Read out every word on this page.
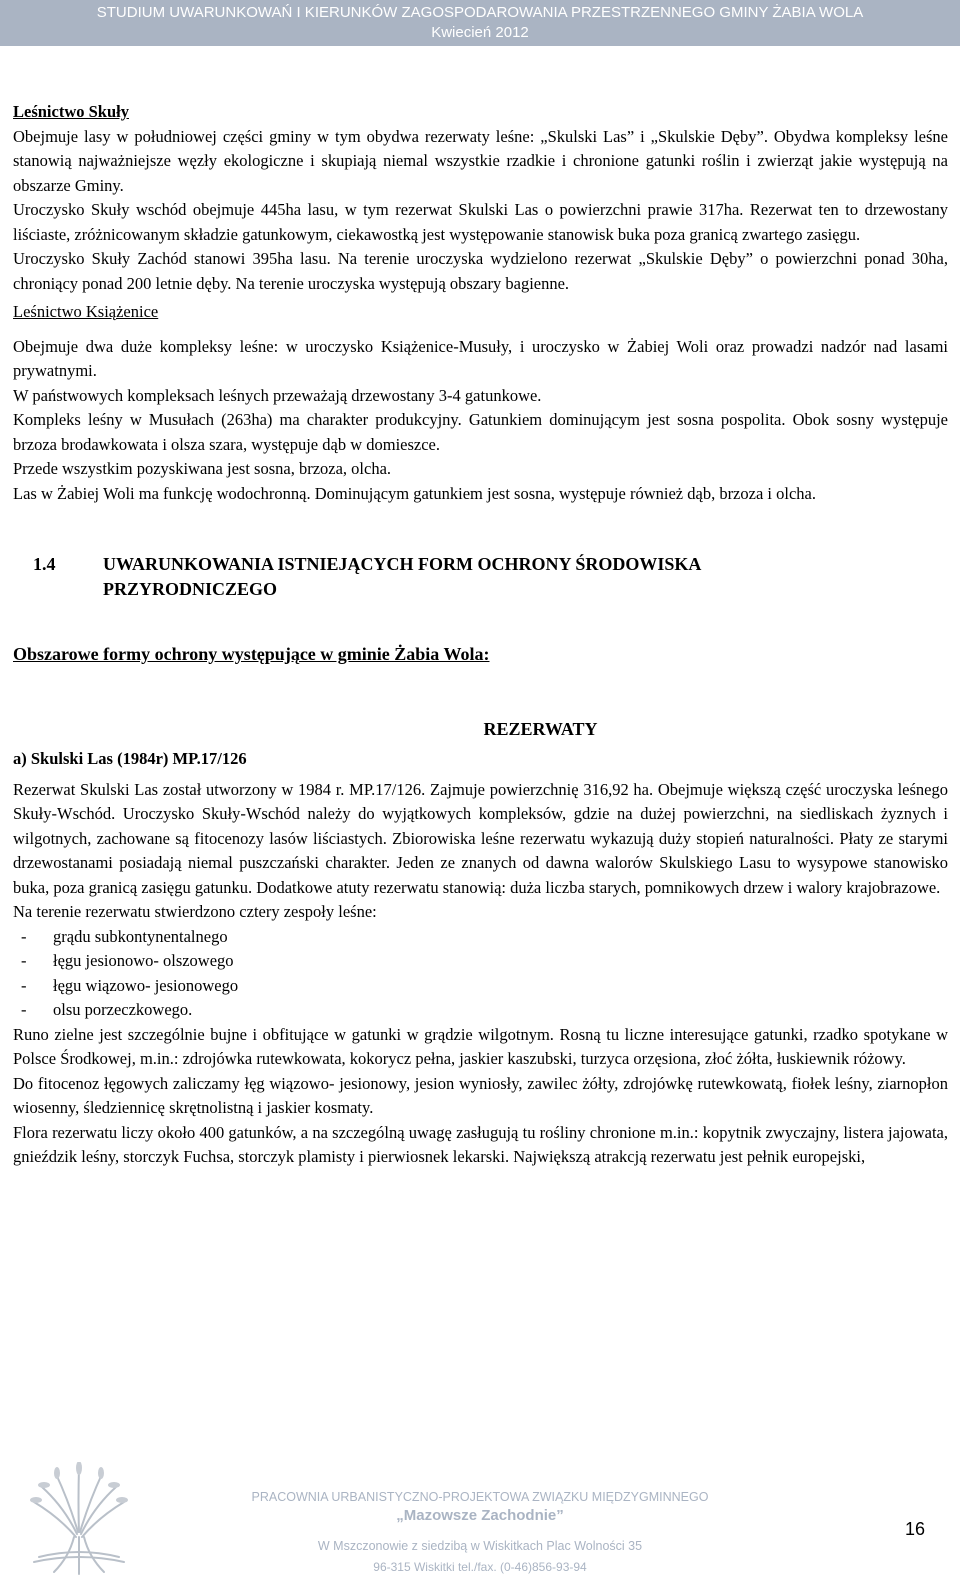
STUDIUM UWARUNKOWAŃ I KIERUNKÓW ZAGOSPODAROWANIA PRZESTRZENNEGO GMINY ŻABIA WOLA
Kwiecień 2012

Leśnictwo Skuły

Obejmuje lasy w południowej części gminy w tym obydwa rezerwaty leśne: „Skulski Las” i „Skulskie Dęby”. Obydwa kompleksy leśne stanowią najważniejsze węzły ekologiczne i skupiają niemal wszystkie rzadkie i chronione gatunki roślin i zwierząt jakie występują na obszarze Gminy.

Uroczysko Skuły wschód obejmuje 445ha lasu, w tym rezerwat Skulski Las o powierzchni prawie 317ha. Rezerwat ten to drzewostany liściaste, zróżnicowanym składzie gatunkowym, ciekawostką jest występowanie stanowisk buka poza granicą zwartego zasięgu.

Uroczysko Skuły Zachód stanowi 395ha lasu. Na terenie uroczyska wydzielono rezerwat „Skulskie Dęby” o powierzchni ponad 30ha, chroniący ponad 200 letnie dęby. Na terenie uroczyska występują obszary bagienne.

Leśnictwo Książenice

Obejmuje dwa duże kompleksy leśne: w uroczysko Książenice-Musuły, i uroczysko w Żabiej Woli oraz prowadzi nadzór nad lasami prywatnymi.

W państwowych kompleksach leśnych przeważają drzewostany 3-4 gatunkowe.

Kompleks leśny w Musułach (263ha) ma charakter produkcyjny. Gatunkiem dominującym jest sosna pospolita. Obok sosny występuje brzoza brodawkowata i olsza szara, występuje dąb w domieszce.

Przede wszystkim pozyskiwana jest sosna, brzoza, olcha.

Las w Żabiej Woli ma funkcję wodochronną. Dominującym gatunkiem jest sosna, występuje również dąb, brzoza i olcha.

1.4	UWARUNKOWANIA ISTNIEJĄCYCH FORM OCHRONY ŚRODOWISKA
PRZYRODNICZEGO

Obszarowe formy ochrony występujące w gminie Żabia Wola:

REZERWATY

a) Skulski Las (1984r) MP.17/126

Rezerwat Skulski Las został utworzony w 1984 r. MP.17/126. Zajmuje powierzchnię 316,92 ha. Obejmuje większą część uroczyska leśnego Skuły-Wschód. Uroczysko Skuły-Wschód należy do wyjątkowych kompleksów, gdzie na dużej powierzchni, na siedliskach żyznych i wilgotnych, zachowane są fitocenozy lasów liściastych. Zbiorowiska leśne rezerwatu wykazują duży stopień naturalności. Płaty ze starymi drzewostanami posiadają niemal puszczański charakter. Jeden ze znanych od dawna walorów Skulskiego Lasu to wysypowe stanowisko buka, poza granicą zasięgu gatunku. Dodatkowe atuty rezerwatu stanowią: duża liczba starych, pomnikowych drzew i walory krajobrazowe.

Na terenie rezerwatu stwierdzono cztery zespoły leśne:

- grądu subkontynentalnego
- łęgu jesionowo- olszowego
- łęgu wiązowo- jesionowego
- olsu porzeczkowego.

Runo zielne jest szczególnie bujne i obfitujące w gatunki w grądzie wilgotnym. Rosną tu liczne interesujące gatunki, rzadko spotykane w Polsce Środkowej, m.in.: zdrojówka rutewkowata, kokorycz pełna, jaskier kaszubski, turzyca orzęsiona, złoć żółta, łuskiewnik różowy.

Do fitocenoz łęgowych zaliczamy łęg wiązowo- jesionowy, jesion wyniosły, zawilec żółty, zdrojówkę rutewkowatą, fiołek leśny, ziarnopłon wiosenny, śledziennicę skrętnolistną i jaskier kosmaty.

Flora rezerwatu liczy około 400 gatunków, a na szczególną uwagę zasługują tu rośliny chronione m.in.: kopytnik zwyczajny, listera jajowata, gnieździk leśny, storczyk Fuchsa, storczyk plamisty i pierwiosnek lekarski. Największą atrakcją rezerwatu jest pełnik europejski,

PRACOWNIA URBANISTYCZNO-PROJEKTOWA ZWIĄZKU MIĘDZYGMINNEGO
„Mazowsze Zachodnie”
W Mszczonowie z siedzibą w Wiskitkach Plac Wolności 35
96-315 Wiskitki tel./fax. (0-46)856-93-94
16
